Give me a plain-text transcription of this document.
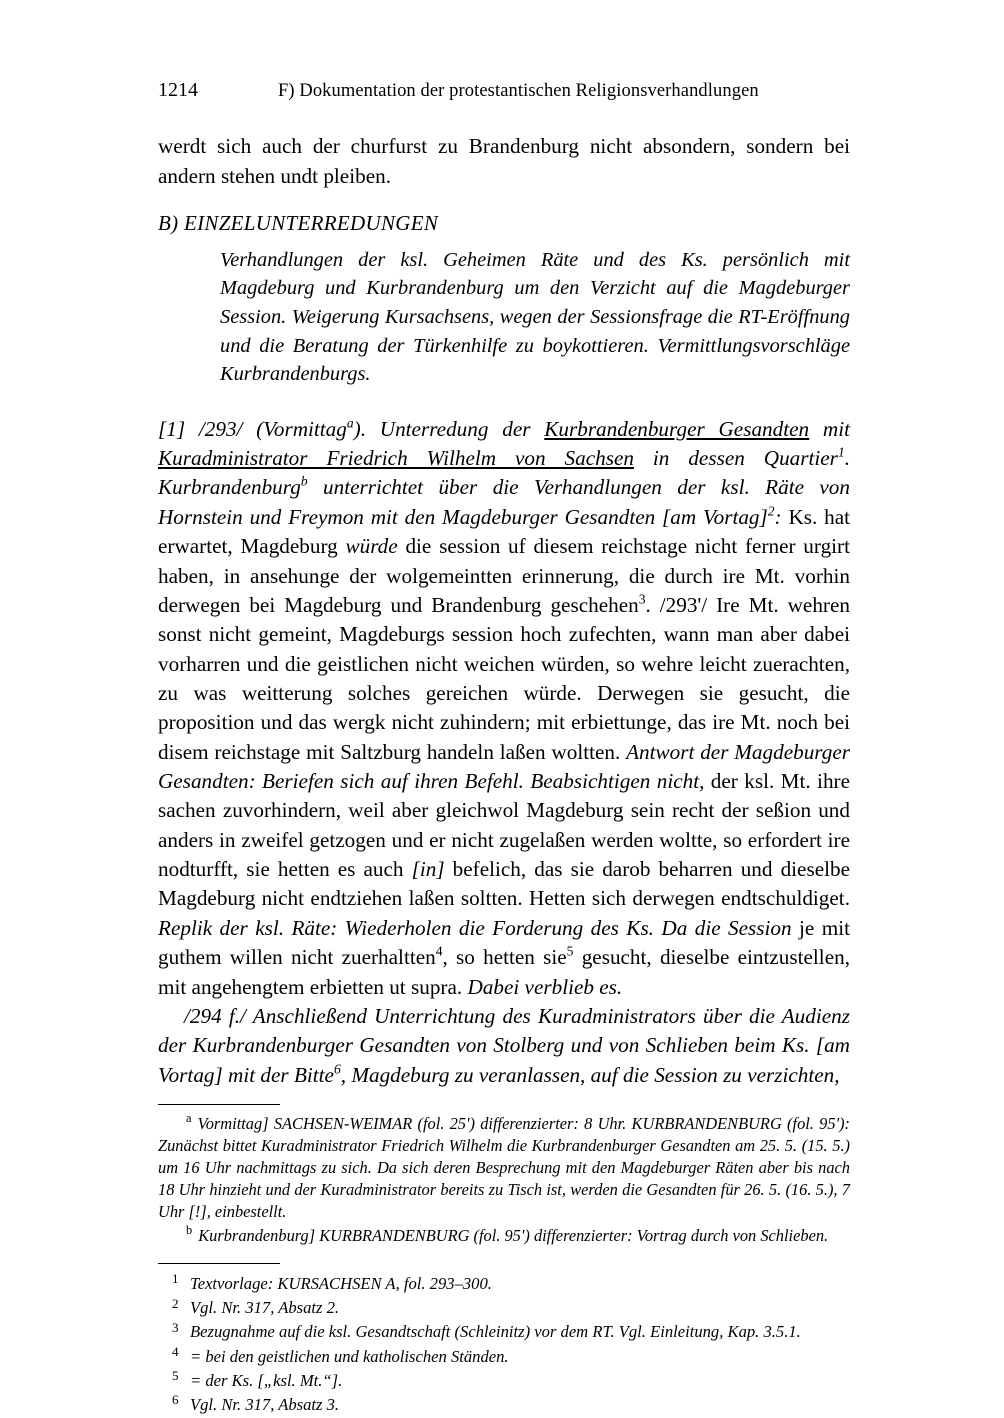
1214	F) Dokumentation der protestantischen Religionsverhandlungen

werdt sich auch der churfurst zu Brandenburg nicht absondern, sondern bei andern stehen undt pleiben.

B) EINZELUNTERREDUNGEN
Verhandlungen der ksl. Geheimen Räte und des Ks. persönlich mit Magdeburg und Kurbrandenburg um den Verzicht auf die Magdeburger Session. Weigerung Kursachsens, wegen der Sessionsfrage die RT-Eröffnung und die Beratung der Türkenhilfe zu boykottieren. Vermittlungsvorschläge Kurbrandenburgs.

[1] /293/ (Vormittag$^a$). Unterredung der Kurbrandenburger Gesandten mit Kuradministrator Friedrich Wilhelm von Sachsen in dessen Quartier$^1$. Kurbrandenburg$^b$ unterrichtet über die Verhandlungen der ksl. Räte von Hornstein und Freymon mit den Magdeburger Gesandten [am Vortag]$^2$: Ks. hat erwartet, Magdeburg würde die session uf diesem reichstage nicht ferner urgirt haben, in ansehunge der wolgemeintten erinnerung, die durch ire Mt. vorhin derwegen bei Magdeburg und Brandenburg geschehen$^3$. /293'/ Ire Mt. wehren sonst nicht gemeint, Magdeburgs session hoch zufechten, wann man aber dabei vorharren und die geistlichen nicht weichen würden, so wehre leicht zuerachten, zu was weitterung solches gereichen würde. Derwegen sie gesucht, die proposition und das wergk nicht zuhindern; mit erbiettunge, das ire Mt. noch bei disem reichstage mit Saltzburg handeln laßen woltten. Antwort der Magdeburger Gesandten: Beriefen sich auf ihren Befehl. Beabsichtigen nicht, der ksl. Mt. ihre sachen zuvorhindern, weil aber gleichwol Magdeburg sein recht der seßion und anders in zweifel getzogen und er nicht zugelaßen werden woltte, so erfordert ire nodturfft, sie hetten es auch [in] befelich, das sie darob beharren und dieselbe Magdeburg nicht endtziehen laßen soltten. Hetten sich derwegen endtschuldiget. Replik der ksl. Räte: Wiederholen die Forderung des Ks. Da die Session je mit guthem willen nicht zuerhaltten$^4$, so hetten sie$^5$ gesucht, dieselbe eintzustellen, mit angehengtem erbietten ut supra. Dabei verblieb es.

/294 f./ Anschließend Unterrichtung des Kuradministrators über die Audienz der Kurbrandenburger Gesandten von Stolberg und von Schlieben beim Ks. [am Vortag] mit der Bitte$^6$, Magdeburg zu veranlassen, auf die Session zu verzichten,

$^a$ Vormittag] SACHSEN-WEIMAR (fol. 25') differenzierter: 8 Uhr. KURBRANDENBURG (fol. 95'): Zunächst bittet Kuradministrator Friedrich Wilhelm die Kurbrandenburger Gesandten am 25. 5. (15. 5.) um 16 Uhr nachmittags zu sich. Da sich deren Besprechung mit den Magdeburger Räten aber bis nach 18 Uhr hinzieht und der Kuradministrator bereits zu Tisch ist, werden die Gesandten für 26. 5. (16. 5.), 7 Uhr [!], einbestellt.
$^b$ Kurbrandenburg] KURBRANDENBURG (fol. 95') differenzierter: Vortrag durch von Schlieben.
1 Textvorlage: KURSACHSEN A, fol. 293–300.
2 Vgl. Nr. 317, Absatz 2.
3 Bezugnahme auf die ksl. Gesandtschaft (Schleinitz) vor dem RT. Vgl. Einleitung, Kap. 3.5.1.
4 = bei den geistlichen und katholischen Ständen.
5 = der Ks. [„ksl. Mt.“].
6 Vgl. Nr. 317, Absatz 3.
